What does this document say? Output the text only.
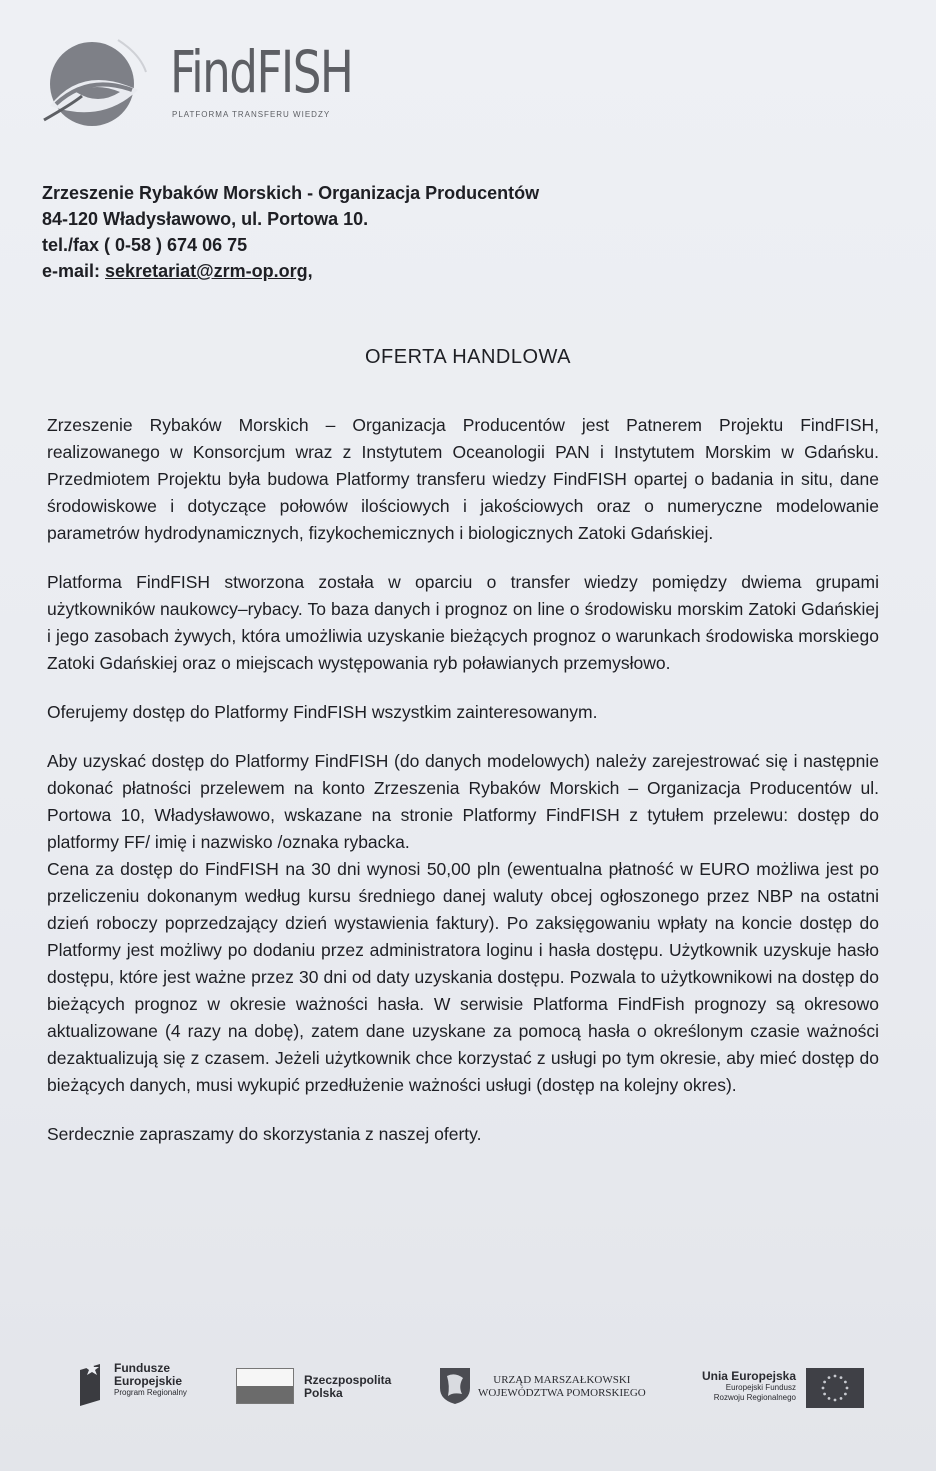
FindFISH
PLATFORMA TRANSFERU WIEDZY
Zrzeszenie Rybaków Morskich - Organizacja Producentów
84-120 Władysławowo, ul. Portowa 10.
tel./fax ( 0-58 ) 674 06 75
e-mail: sekretariat@zrm-op.org,
OFERTA HANDLOWA

Zrzeszenie Rybaków Morskich – Organizacja Producentów jest Patnerem Projektu FindFISH, realizowanego w Konsorcjum wraz z Instytutem Oceanologii PAN i Instytutem Morskim w Gdańsku. Przedmiotem Projektu była budowa Platformy transferu wiedzy FindFISH opartej o badania in situ, dane środowiskowe i dotyczące połowów ilościowych i jakościowych oraz o numeryczne modelowanie parametrów hydrodynamicznych, fizykochemicznych i biologicznych Zatoki Gdańskiej.

Platforma FindFISH stworzona została w oparciu o transfer wiedzy pomiędzy dwiema grupami użytkowników naukowcy–rybacy. To baza danych i prognoz on line o środowisku morskim Zatoki Gdańskiej i jego zasobach żywych, która umożliwia uzyskanie bieżących prognoz o warunkach środowiska morskiego Zatoki Gdańskiej oraz o miejscach występowania ryb poławianych przemysłowo.

Oferujemy dostęp do Platformy FindFISH wszystkim zainteresowanym.

Aby uzyskać dostęp do Platformy FindFISH (do danych modelowych) należy zarejestrować się i następnie dokonać płatności przelewem na konto Zrzeszenia Rybaków Morskich – Organizacja Producentów ul. Portowa 10, Władysławowo, wskazane na stronie Platformy FindFISH z tytułem przelewu: dostęp do platformy FF/ imię i nazwisko /oznaka rybacka.

Cena za dostęp do FindFISH na 30 dni wynosi 50,00 pln (ewentualna płatność w EURO możliwa jest po przeliczeniu dokonanym według kursu średniego danej waluty obcej ogłoszonego przez NBP na ostatni dzień roboczy poprzedzający dzień wystawienia faktury). Po zaksięgowaniu wpłaty na koncie dostęp do Platformy jest możliwy po dodaniu przez administratora loginu i hasła dostępu. Użytkownik uzyskuje hasło dostępu, które jest ważne przez 30 dni od daty uzyskania dostępu. Pozwala to użytkownikowi na dostęp do bieżących prognoz w okresie ważności hasła. W serwisie Platforma FindFish prognozy są okresowo aktualizowane (4 razy na dobę), zatem dane uzyskane za pomocą hasła o określonym czasie ważności dezaktualizują się z czasem. Jeżeli użytkownik chce korzystać z usługi po tym okresie, aby mieć dostęp do bieżących danych, musi wykupić przedłużenie ważności usługi (dostęp na kolejny okres).

Serdecznie zapraszamy do skorzystania z naszej oferty.

Fundusze
Europejskie
Program Regionalny
Rzeczpospolita
Polska
URZĄD MARSZAŁKOWSKI
WOJEWÓDZTWA POMORSKIEGO
Unia Europejska
Europejski Fundusz
Rozwoju Regionalnego
